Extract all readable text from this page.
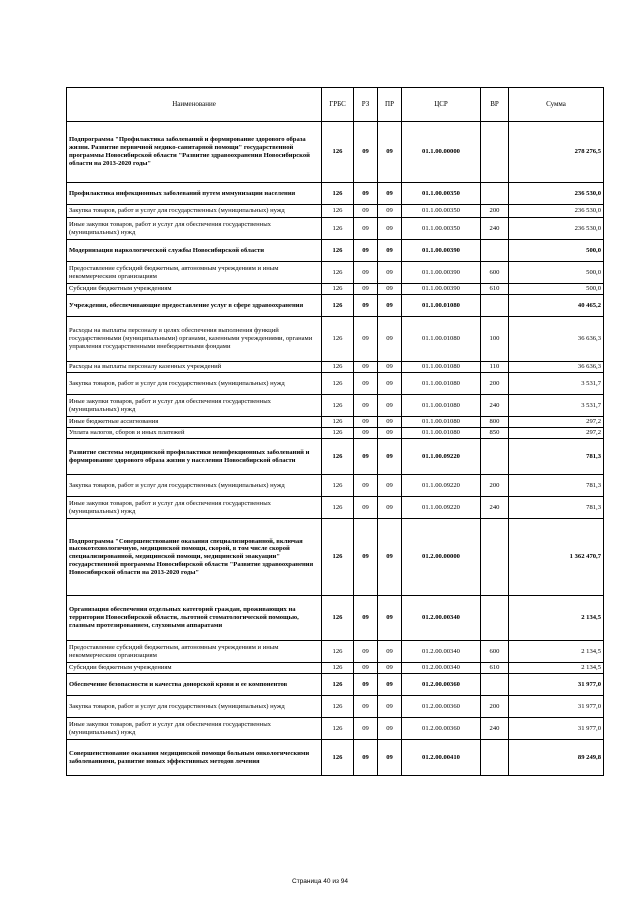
Наименование	ГРБС	РЗ	ПР	ЦСР	ВР	Сумма
Подпрограмма "Профилактика заболеваний и формирование здорового образа жизни. Развитие первичной медико-санитарной помощи" государственной программы Новосибирской области "Развитие здравоохранения Новосибирской области на 2013-2020 годы"	126	09	09	01.1.00.00000		278 276,5
Профилактика инфекционных заболеваний путем иммунизации населения	126	09	09	01.1.00.00350		236 530,0
Закупка товаров, работ и услуг для государственных (муниципальных) нужд	126	09	09	01.1.00.00350	200	236 530,0
Иные закупки товаров, работ и услуг для обеспечения государственных (муниципальных) нужд	126	09	09	01.1.00.00350	240	236 530,0
Модернизация наркологической службы Новосибирской области	126	09	09	01.1.00.00390		500,0
Предоставление субсидий бюджетным, автономным учреждениям и иным некоммерческим организациям	126	09	09	01.1.00.00390	600	500,0
Субсидии бюджетным учреждениям	126	09	09	01.1.00.00390	610	500,0
Учреждения, обеспечивающие предоставление услуг в сфере здравоохранения	126	09	09	01.1.00.01080		40 465,2
Расходы на выплаты персоналу в целях обеспечения выполнения функций государственными (муниципальными) органами, казенными учреждениями, органами управления государственными внебюджетными фондами	126	09	09	01.1.00.01080	100	36 636,3
Расходы на выплаты персоналу казенных учреждений	126	09	09	01.1.00.01080	110	36 636,3
Закупка товаров, работ и услуг для государственных (муниципальных) нужд	126	09	09	01.1.00.01080	200	3 531,7
Иные закупки товаров, работ и услуг для обеспечения государственных (муниципальных) нужд	126	09	09	01.1.00.01080	240	3 531,7
Иные бюджетные ассигнования	126	09	09	01.1.00.01080	800	297,2
Уплата налогов, сборов и иных платежей	126	09	09	01.1.00.01080	850	297,2
Развитие системы медицинской профилактики неинфекционных заболеваний и формирование здорового образа жизни у населения Новосибирской области	126	09	09	01.1.00.09220		781,3
Закупка товаров, работ и услуг для государственных (муниципальных) нужд	126	09	09	01.1.00.09220	200	781,3
Иные закупки товаров, работ и услуг для обеспечения государственных (муниципальных) нужд	126	09	09	01.1.00.09220	240	781,3
Подпрограмма "Совершенствование оказания специализированной, включая высокотехнологичную, медицинской помощи, скорой, в том числе скорой специализированной, медицинской помощи, медицинской эвакуации" государственной программы Новосибирской области "Развитие здравоохранения Новосибирской области на 2013-2020 годы"	126	09	09	01.2.00.00000		1 362 470,7
Организация обеспечения отдельных категорий граждан, проживающих на территории Новосибирской области, льготной стоматологической помощью, глазным протезированием, слуховыми аппаратами	126	09	09	01.2.00.00340		2 134,5
Предоставление субсидий бюджетным, автономным учреждениям и иным некоммерческим организациям	126	09	09	01.2.00.00340	600	2 134,5
Субсидии бюджетным учреждениям	126	09	09	01.2.00.00340	610	2 134,5
Обеспечение безопасности и качества донорской крови и ее компонентов	126	09	09	01.2.00.00360		31 977,0
Закупка товаров, работ и услуг для государственных (муниципальных) нужд	126	09	09	01.2.00.00360	200	31 977,0
Иные закупки товаров, работ и услуг для обеспечения государственных (муниципальных) нужд	126	09	09	01.2.00.00360	240	31 977,0
Совершенствование оказания медицинской помощи больным онкологическими заболеваниями, развитие новых эффективных методов лечения	126	09	09	01.2.00.00410		89 249,8
Страница 40 из 94
